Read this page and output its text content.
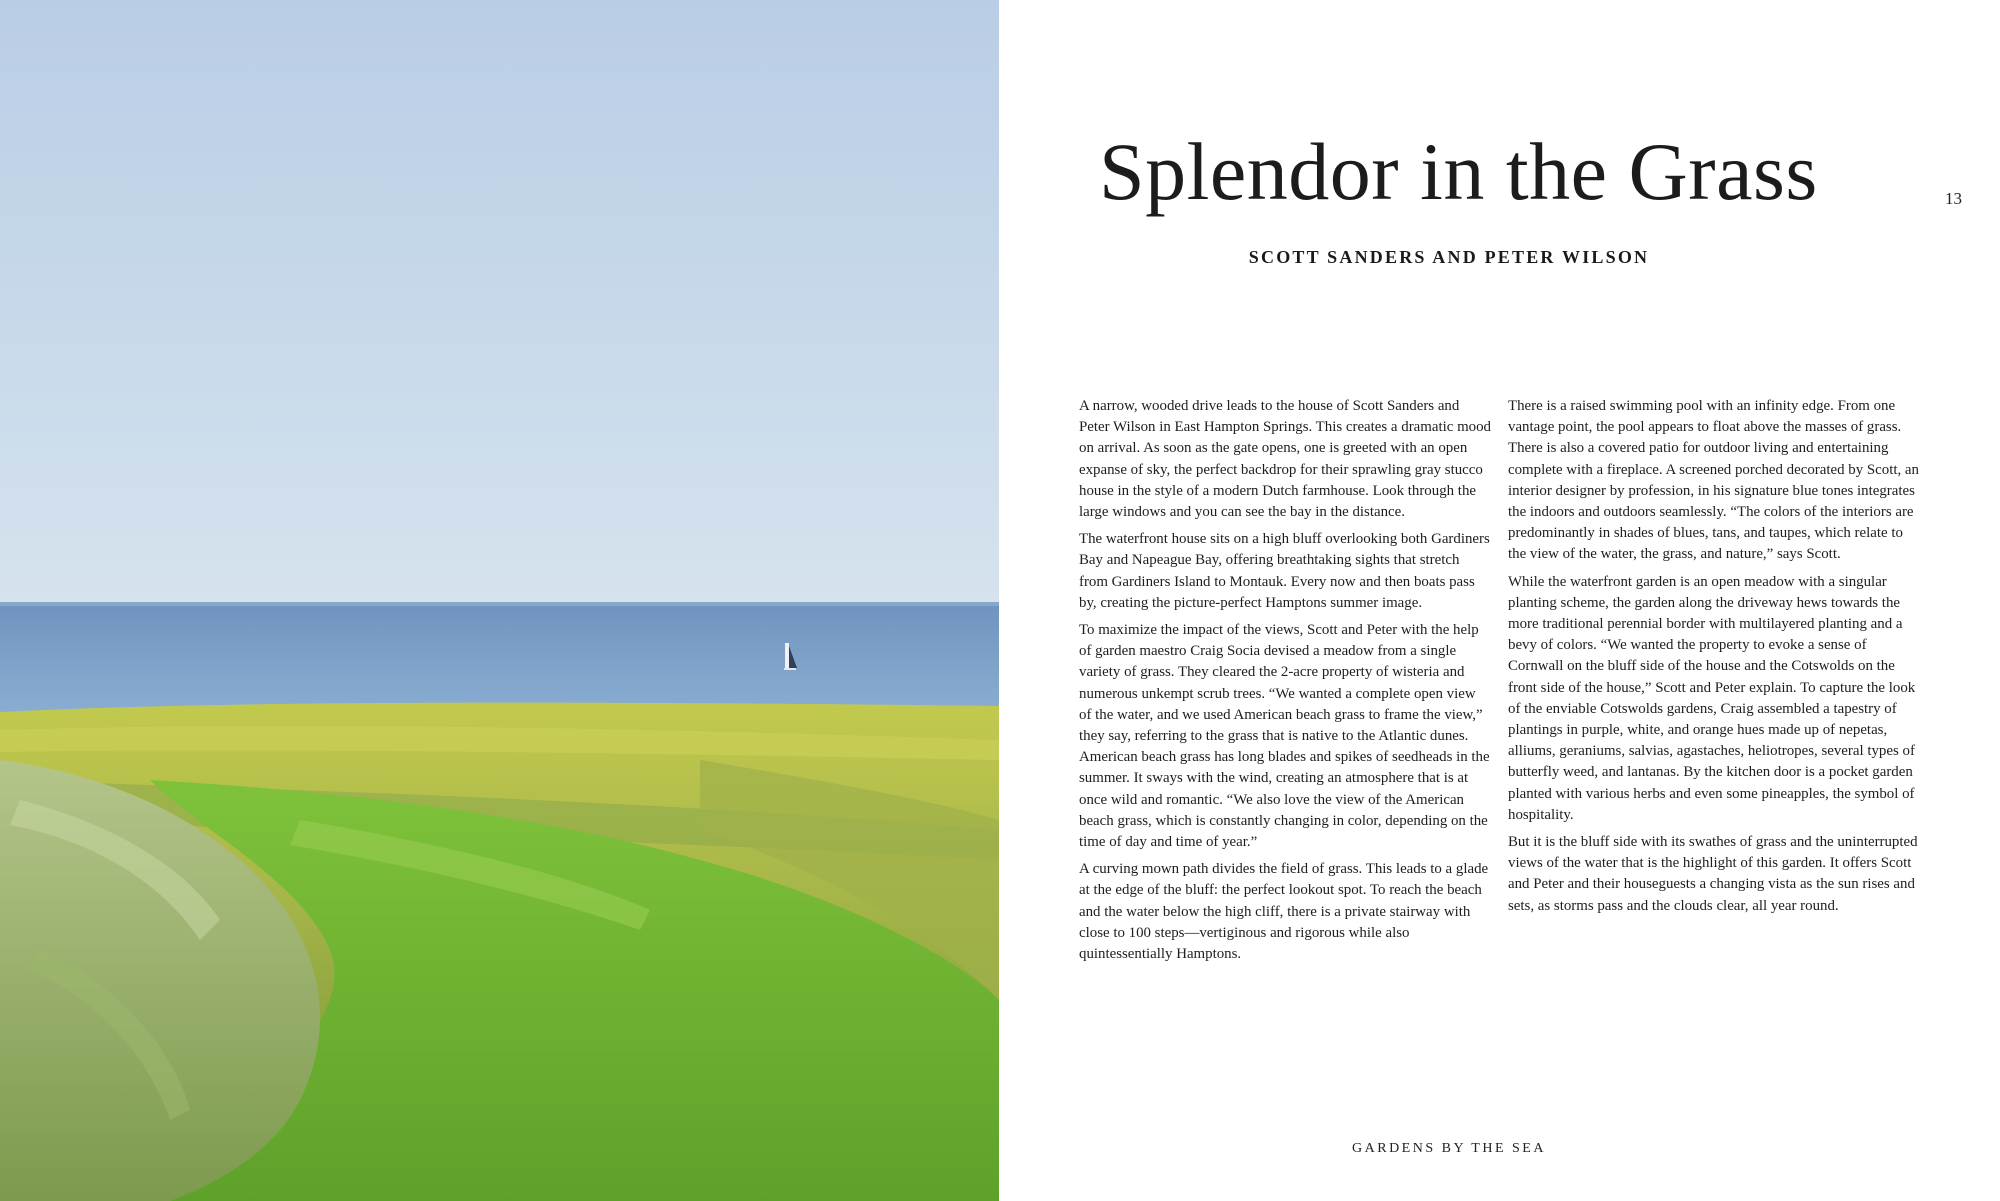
Splendor in the Grass	13
SCOTT SANDERS AND PETER WILSON

A narrow, wooded drive leads to the house of Scott Sanders and Peter Wilson in East Hampton Springs. This creates a dramatic mood on arrival. As soon as the gate opens, one is greeted with an open expanse of sky, the perfect backdrop for their sprawling gray stucco house in the style of a modern Dutch farmhouse. Look through the large windows and you can see the bay in the distance.

The waterfront house sits on a high bluff overlooking both Gardiners Bay and Napeague Bay, offering breathtaking sights that stretch from Gardiners Island to Montauk. Every now and then boats pass by, creating the picture-perfect Hamptons summer image.

To maximize the impact of the views, Scott and Peter with the help of garden maestro Craig Socia devised a meadow from a single variety of grass. They cleared the 2-acre property of wisteria and numerous unkempt scrub trees. “We wanted a complete open view of the water, and we used American beach grass to frame the view,” they say, referring to the grass that is native to the Atlantic dunes. American beach grass has long blades and spikes of seedheads in the summer. It sways with the wind, creating an atmosphere that is at once wild and romantic. “We also love the view of the American beach grass, which is constantly changing in color, depending on the time of day and time of year.”

A curving mown path divides the field of grass. This leads to a glade at the edge of the bluff: the perfect lookout spot. To reach the beach and the water below the high cliff, there is a private stairway with close to 100 steps—vertiginous and rigorous while also quintessentially Hamptons.

There is a raised swimming pool with an infinity edge. From one vantage point, the pool appears to float above the masses of grass. There is also a covered patio for outdoor living and entertaining complete with a fireplace. A screened porched decorated by Scott, an interior designer by profession, in his signature blue tones integrates the indoors and outdoors seamlessly. “The colors of the interiors are predominantly in shades of blues, tans, and taupes, which relate to the view of the water, the grass, and nature,” says Scott.

While the waterfront garden is an open meadow with a singular planting scheme, the garden along the driveway hews towards the more traditional perennial border with multilayered planting and a bevy of colors. “We wanted the property to evoke a sense of Cornwall on the bluff side of the house and the Cotswolds on the front side of the house,” Scott and Peter explain. To capture the look of the enviable Cotswolds gardens, Craig assembled a tapestry of plantings in purple, white, and orange hues made up of nepetas, alliums, geraniums, salvias, agastaches, heliotropes, several types of butterfly weed, and lantanas. By the kitchen door is a pocket garden planted with various herbs and even some pineapples, the symbol of hospitality.

But it is the bluff side with its swathes of grass and the uninterrupted views of the water that is the highlight of this garden. It offers Scott and Peter and their houseguests a changing vista as the sun rises and sets, as storms pass and the clouds clear, all year round.

GARDENS BY THE SEA
